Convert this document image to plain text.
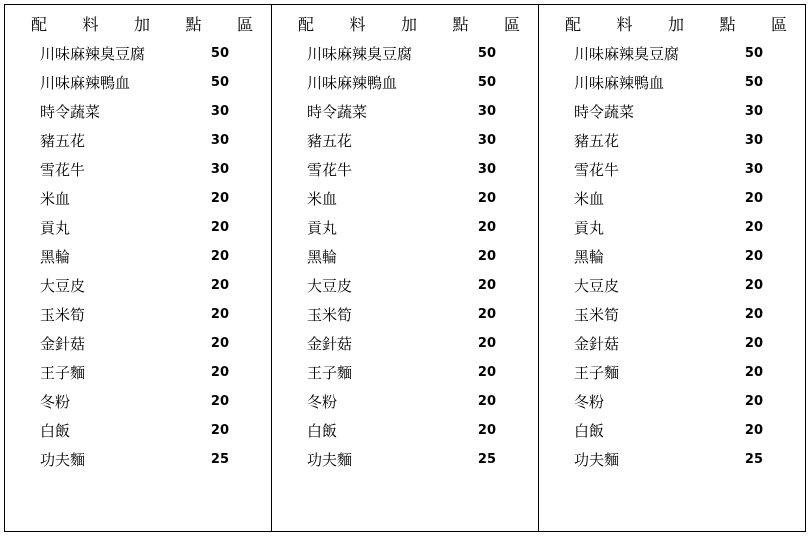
配 料 加 點 區
川味麻辣臭豆腐	50
川味麻辣鴨血	50
時令蔬菜	30
豬五花	30
雪花牛	30
米血	20
貢丸	20
黑輪	20
大豆皮	20
玉米筍	20
金針菇	20
王子麵	20
冬粉	20
白飯	20
功夫麵	25
配 料 加 點 區
川味麻辣臭豆腐	50
川味麻辣鴨血	50
時令蔬菜	30
豬五花	30
雪花牛	30
米血	20
貢丸	20
黑輪	20
大豆皮	20
玉米筍	20
金針菇	20
王子麵	20
冬粉	20
白飯	20
功夫麵	25
配 料 加 點 區
川味麻辣臭豆腐	50
川味麻辣鴨血	50
時令蔬菜	30
豬五花	30
雪花牛	30
米血	20
貢丸	20
黑輪	20
大豆皮	20
玉米筍	20
金針菇	20
王子麵	20
冬粉	20
白飯	20
功夫麵	25
